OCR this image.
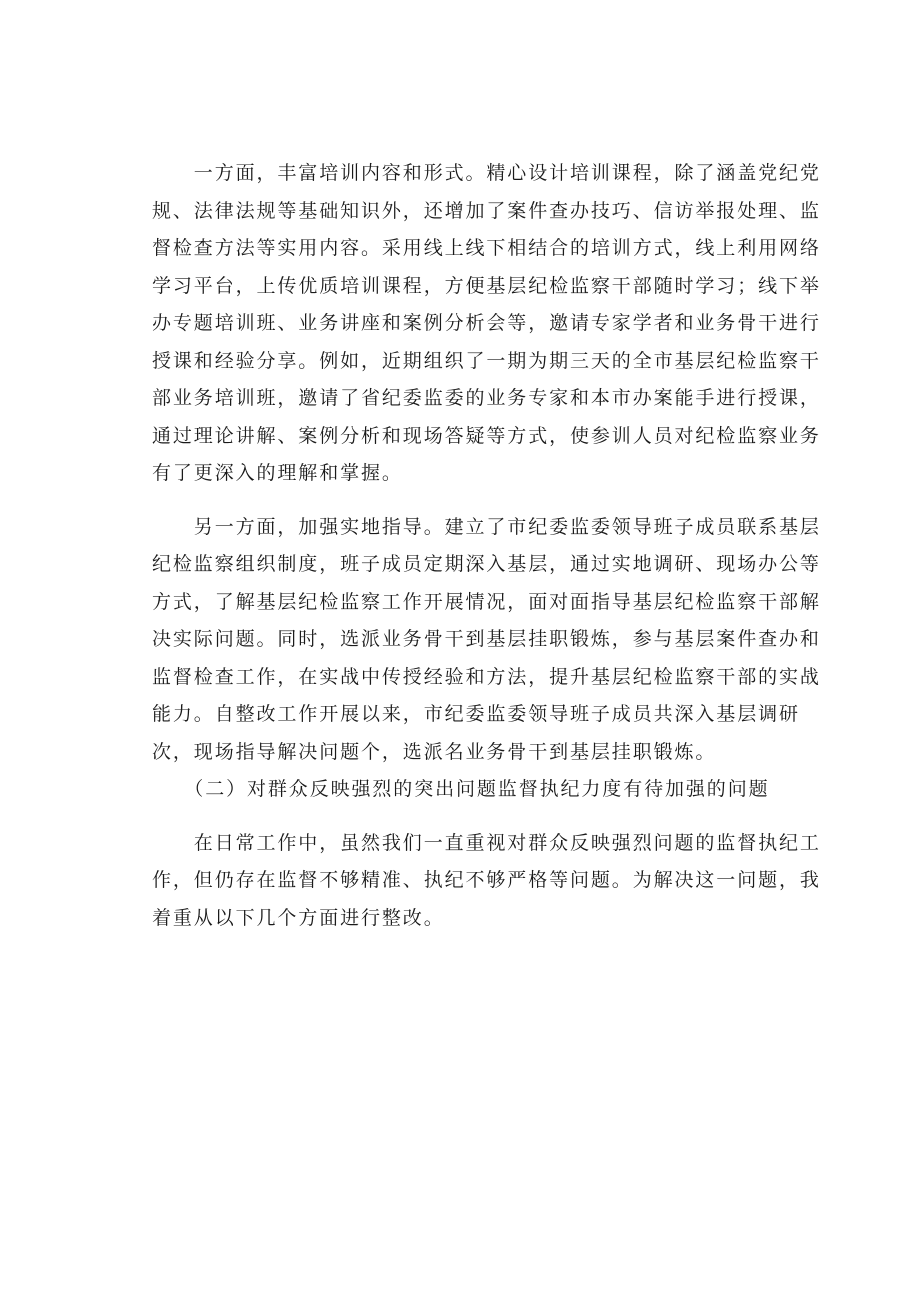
　　一方面，丰富培训内容和形式。精心设计培训课程，除了涵盖党纪党
规、法律法规等基础知识外，还增加了案件查办技巧、信访举报处理、监
督检查方法等实用内容。采用线上线下相结合的培训方式，线上利用网络
学习平台，上传优质培训课程，方便基层纪检监察干部随时学习；线下举
办专题培训班、业务讲座和案例分析会等，邀请专家学者和业务骨干进行
授课和经验分享。例如，近期组织了一期为期三天的全市基层纪检监察干
部业务培训班，邀请了省纪委监委的业务专家和本市办案能手进行授课，
通过理论讲解、案例分析和现场答疑等方式，使参训人员对纪检监察业务
有了更深入的理解和掌握。
　　另一方面，加强实地指导。建立了市纪委监委领导班子成员联系基层
纪检监察组织制度，班子成员定期深入基层，通过实地调研、现场办公等
方式，了解基层纪检监察工作开展情况，面对面指导基层纪检监察干部解
决实际问题。同时，选派业务骨干到基层挂职锻炼，参与基层案件查办和
监督检查工作，在实战中传授经验和方法，提升基层纪检监察干部的实战
能力。自整改工作开展以来，市纪委监委领导班子成员共深入基层调研
次，现场指导解决问题个，选派名业务骨干到基层挂职锻炼。
　　（二）对群众反映强烈的突出问题监督执纪力度有待加强的问题
　　在日常工作中，虽然我们一直重视对群众反映强烈问题的监督执纪工
作，但仍存在监督不够精准、执纪不够严格等问题。为解决这一问题，我
着重从以下几个方面进行整改。
